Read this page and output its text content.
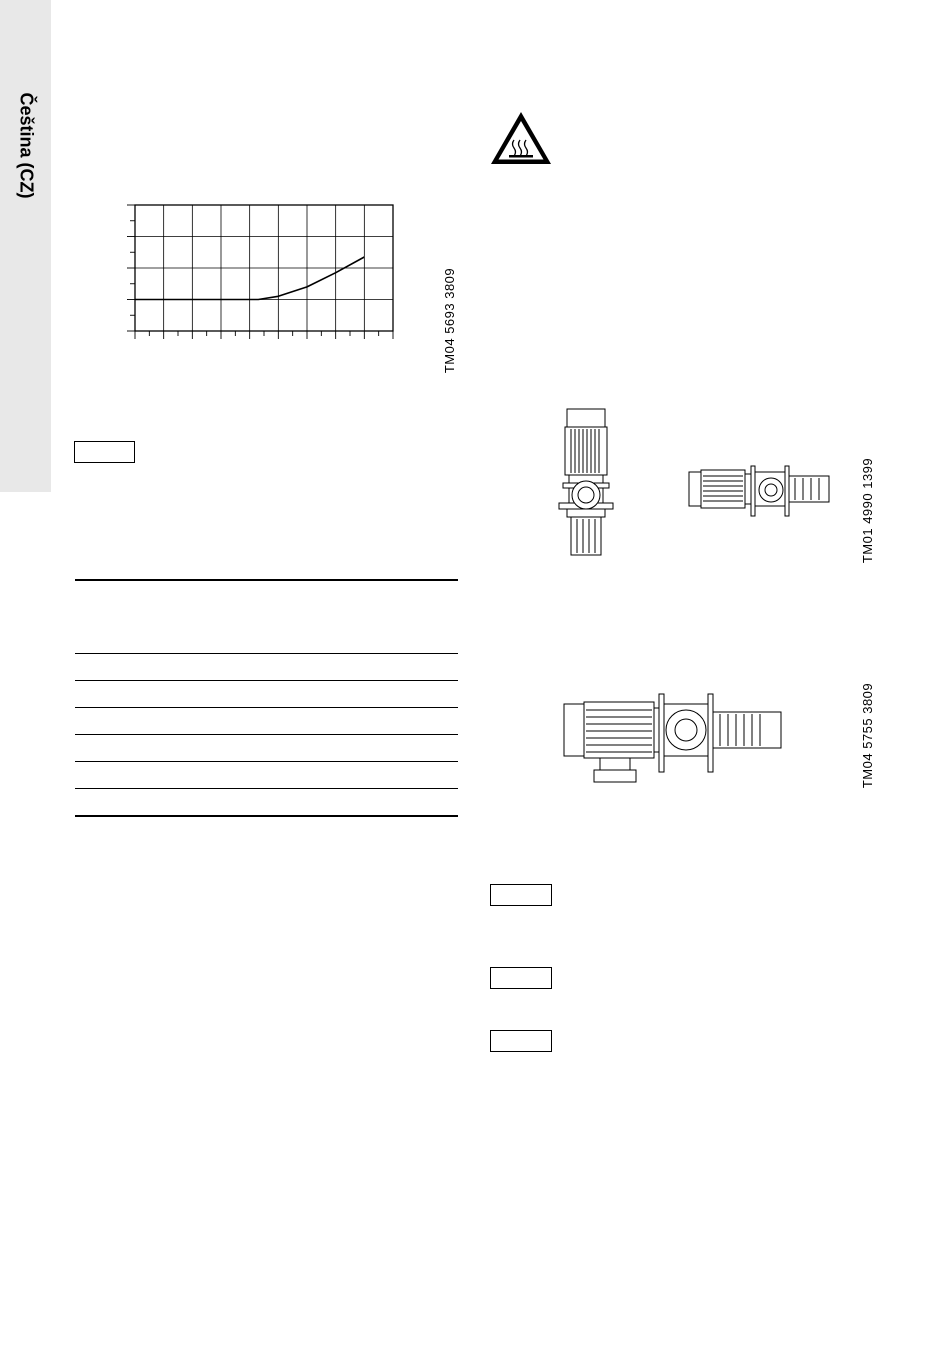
Čeština (CZ)
TM04 5693 3809
TM01 4990 1399
TM04 5755 3809
